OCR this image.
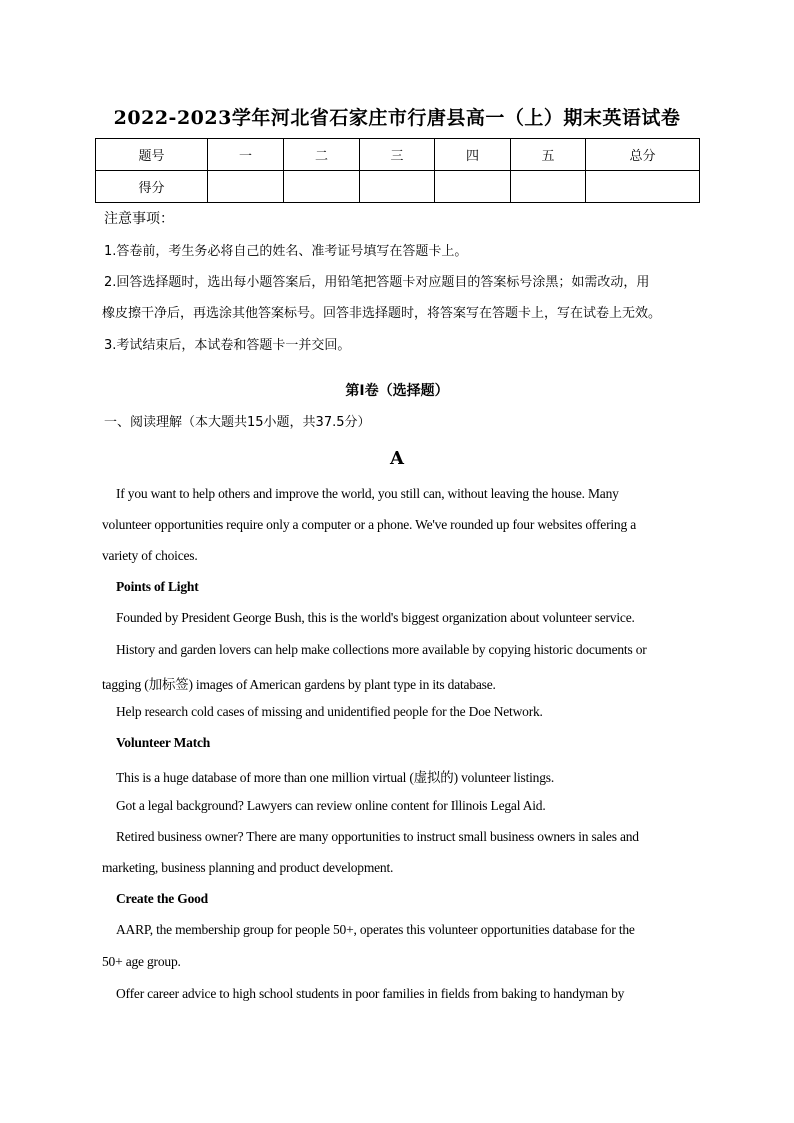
2022-2023学年河北省石家庄市行唐县高一（上）期末英语试卷
题号	一	二	三	四	五	总分
得分						
注意事项：
1.答卷前，考生务必将自己的姓名、准考证号填写在答题卡上。
2.回答选择题时，选出每小题答案后，用铅笔把答题卡对应题目的答案标号涂黑；如需改动，用
橡皮擦干净后，再选涂其他答案标号。回答非选择题时，将答案写在答题卡上，写在试卷上无效。
3.考试结束后，本试卷和答题卡一并交回。
第Ⅰ卷（选择题）
一、阅读理解（本大题共15小题，共37.5分）
A
If you want to help others and improve the world, you still can, without leaving the house. Many
volunteer opportunities require only a computer or a phone. We've rounded up four websites offering a
variety of choices.
Points of Light
Founded by President George Bush, this is the world's biggest organization about volunteer service.
History and garden lovers can help make collections more available by copying historic documents or
tagging (加标签) images of American gardens by plant type in its database.
Help research cold cases of missing and unidentified people for the Doe Network.
Volunteer Match
This is a huge database of more than one million virtual (虚拟的) volunteer listings.
Got a legal background? Lawyers can review online content for Illinois Legal Aid.
Retired business owner? There are many opportunities to instruct small business owners in sales and
marketing, business planning and product development.
Create the Good
AARP, the membership group for people 50+, operates this volunteer opportunities database for the
50+ age group.
Offer career advice to high school students in poor families in fields from baking to handyman by
